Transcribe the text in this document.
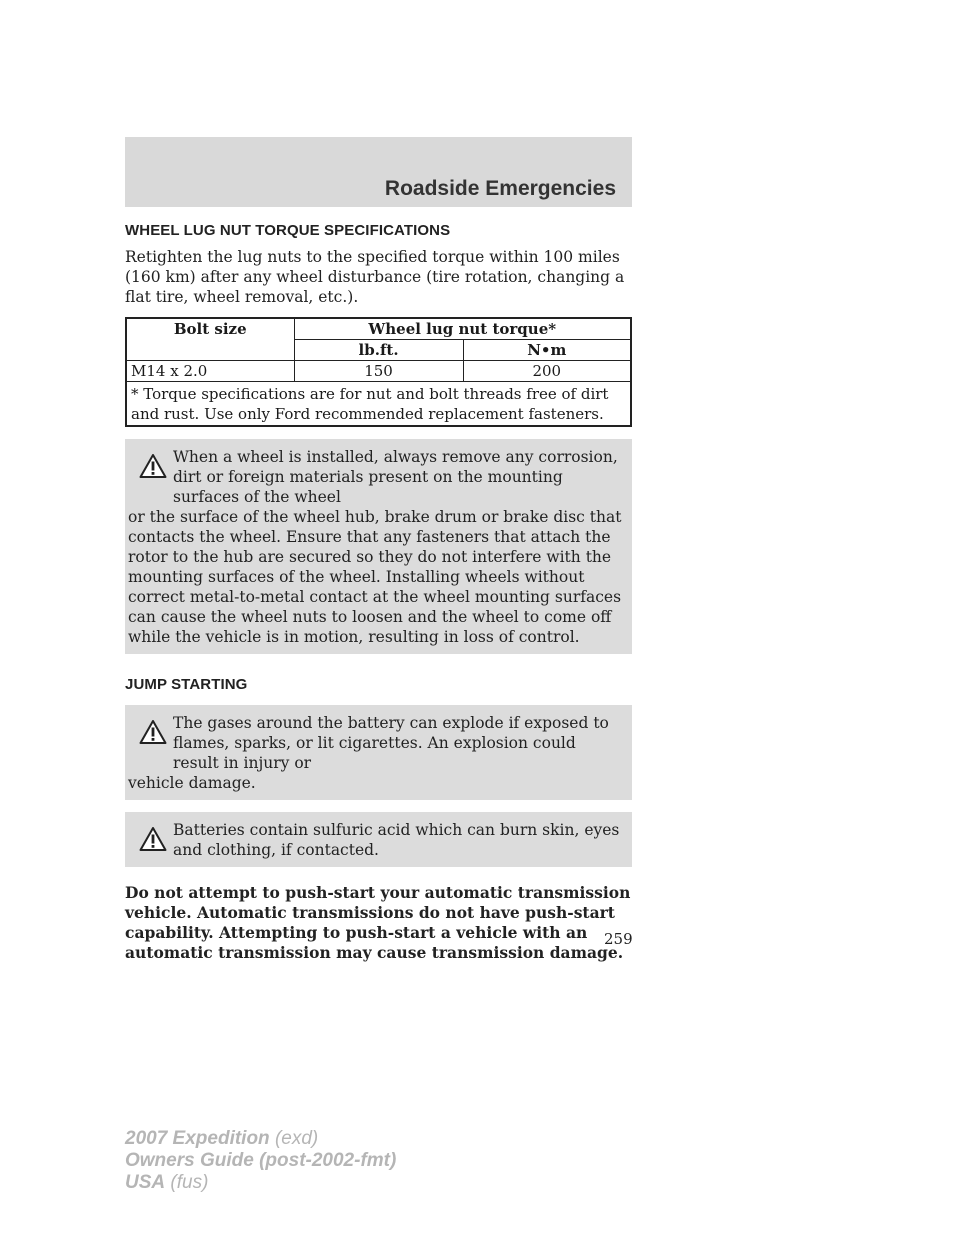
Roadside Emergencies
WHEEL LUG NUT TORQUE SPECIFICATIONS

Retighten the lug nuts to the specified torque within 100 miles (160 km) after any wheel disturbance (tire rotation, changing a flat tire, wheel removal, etc.).

Bolt size	Wheel lug nut torque*	
	lb.ft.	N•m
M14 x 2.0	150	200
* Torque specifications are for nut and bolt threads free of dirt and rust. Use only Ford recommended replacement fasteners.		
When a wheel is installed, always remove any corrosion, dirt or foreign materials present on the mounting surfaces of the wheel
or the surface of the wheel hub, brake drum or brake disc that contacts the wheel. Ensure that any fasteners that attach the rotor to the hub are secured so they do not interfere with the mounting surfaces of the wheel. Installing wheels without correct metal-to-metal contact at the wheel mounting surfaces can cause the wheel nuts to loosen and the wheel to come off while the vehicle is in motion, resulting in loss of control.
JUMP STARTING
The gases around the battery can explode if exposed to flames, sparks, or lit cigarettes. An explosion could result in injury or
vehicle damage.
Batteries contain sulfuric acid which can burn skin, eyes and clothing, if contacted.

Do not attempt to push-start your automatic transmission vehicle. Automatic transmissions do not have push-start capability. Attempting to push-start a vehicle with an automatic transmission may cause transmission damage.

259
2007 Expedition (exd)
Owners Guide (post-2002-fmt)
USA (fus)
